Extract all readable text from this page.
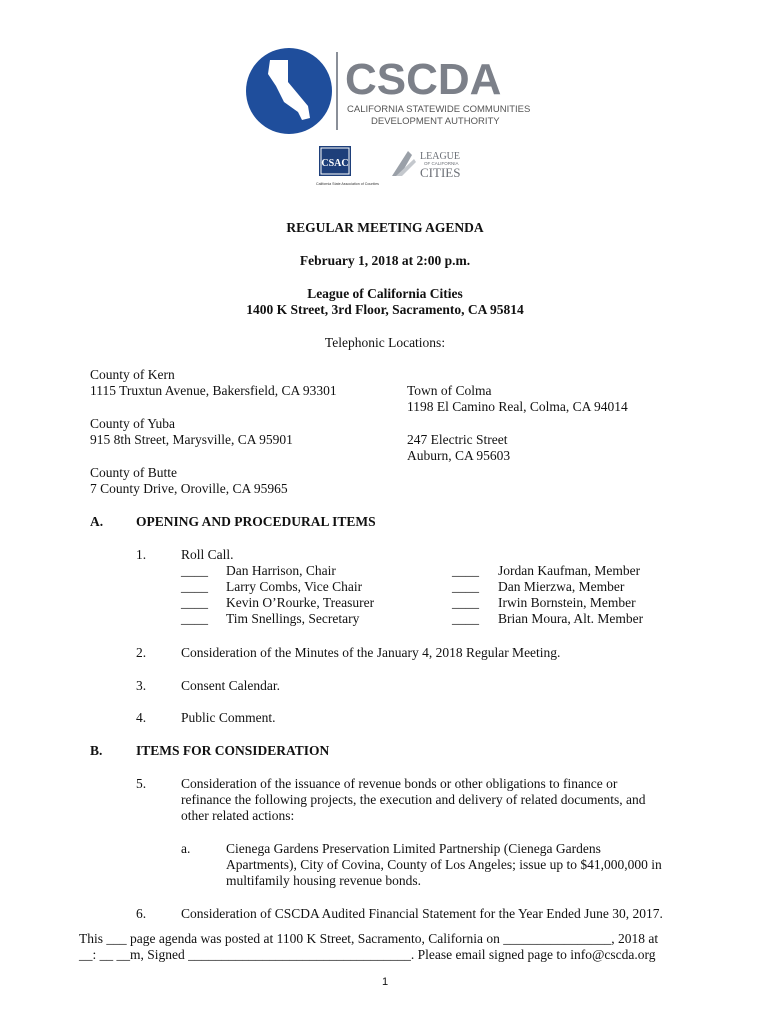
CSCDA
CALIFORNIA STATEWIDE COMMUNITIES
DEVELOPMENT AUTHORITY
CSAC
California State Association of Counties
LEAGUE
OF CALIFORNIA
CITIES
REGULAR MEETING AGENDA
February 1, 2018 at 2:00 p.m.
League of California Cities
1400 K Street, 3rd Floor, Sacramento, CA 95814
Telephonic Locations:
County of Kern
1115 Truxtun Avenue, Bakersfield, CA 93301
County of Yuba
915 8th Street, Marysville, CA 95901
County of Butte
7 County Drive, Oroville, CA 95965
Town of Colma
1198 El Camino Real, Colma, CA 94014
247 Electric Street
Auburn, CA 95603
A. OPENING AND PROCEDURAL ITEMS
1.	Roll Call.
____ Dan Harrison, Chair
____ Larry Combs, Vice Chair
____ Kevin O’Rourke, Treasurer
____ Tim Snellings, Secretary
____ Jordan Kaufman, Member
____ Dan Mierzwa, Member
____ Irwin Bornstein, Member
____ Brian Moura, Alt. Member
2.	Consideration of the Minutes of the January 4, 2018 Regular Meeting.
3.	Consent Calendar.
4.	Public Comment.
B. ITEMS FOR CONSIDERATION
5.	Consideration of the issuance of revenue bonds or other obligations to finance or
refinance the following projects, the execution and delivery of related documents, and
other related actions:
a.	Cienega Gardens Preservation Limited Partnership (Cienega Gardens
Apartments), City of Covina, County of Los Angeles; issue up to $41,000,000 in
multifamily housing revenue bonds.
6.	Consideration of CSCDA Audited Financial Statement for the Year Ended June 30, 2017.
This ___ page agenda was posted at 1100 K Street, Sacramento, California on ________________, 2018 at
__: __ __m, Signed _________________________________. Please email signed page to info@cscda.org
1
